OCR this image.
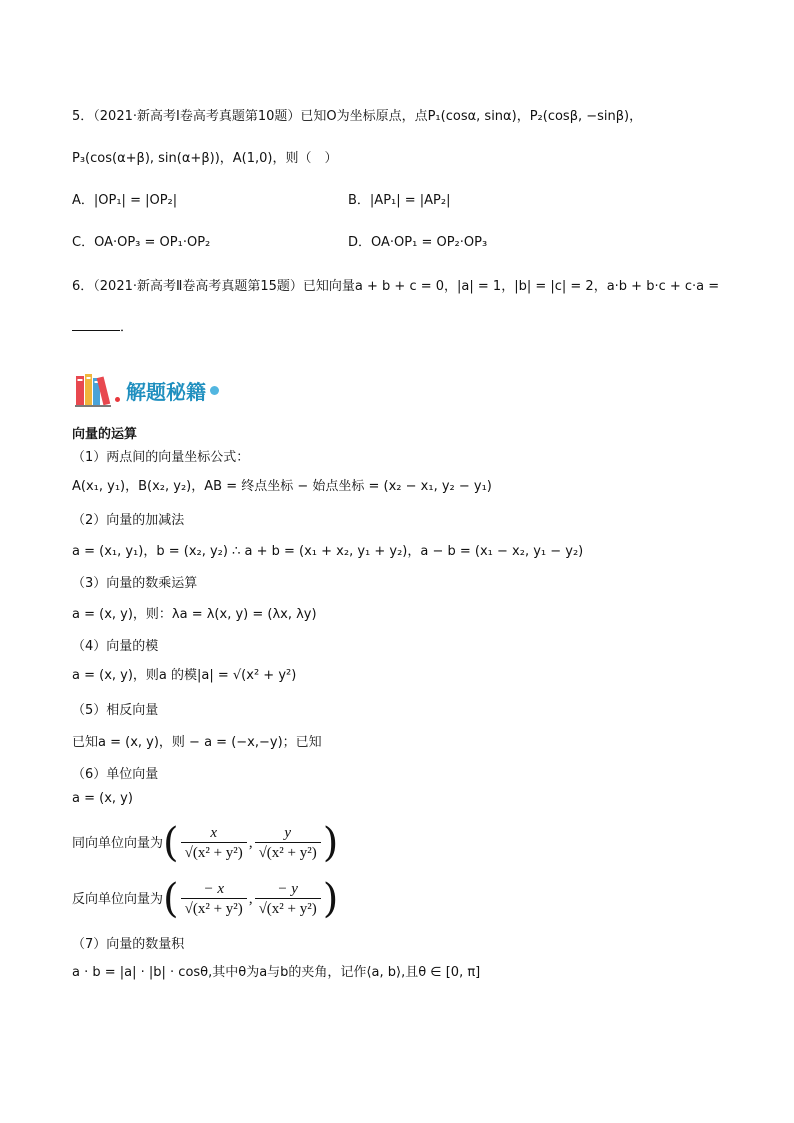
5．（2021·新高考Ⅰ卷高考真题第10题）已知O为坐标原点，点P₁(cosα, sinα)，P₂(cosβ, −sinβ)，
P₃(cos(α+β), sin(α+β))，A(1,0)，则（　）
A．|OP₁| = |OP₂|	B．|AP₁| = |AP₂|
C．OA·OP₃ = OP₁·OP₂	D．OA·OP₁ = OP₂·OP₃
6．（2021·新高考Ⅱ卷高考真题第15题）已知向量a + b + c = 0，|a| = 1，|b| = |c| = 2，a·b + b·c + c·a =
．
解题秘籍
向量的运算
（1）两点间的向量坐标公式：
A(x₁, y₁)，B(x₂, y₂)，AB = 终点坐标 − 始点坐标 = (x₂ − x₁, y₂ − y₁)
（2）向量的加减法
a = (x₁, y₁)，b = (x₂, y₂) ∴ a + b = (x₁ + x₂, y₁ + y₂)，a − b = (x₁ − x₂, y₁ − y₂)
（3）向量的数乘运算
a = (x, y)，则：λa = λ(x, y) = (λx, λy)
（4）向量的模
a = (x, y)，则a 的模|a| = √(x² + y²)
（5）相反向量
已知a = (x, y)，则 − a = (−x,−y)；已知
（6）单位向量
a = (x, y)
同向单位向量为( $\frac{x}{\text{√(x² + y²)}}$ , $\frac{y}{\text{√(x² + y²)}}$ )
反向单位向量为( $\frac{- x}{\text{√(x² + y²)}}$ , $\frac{- y}{\text{√(x² + y²)}}$ )
（7）向量的数量积
a · b = |a| · |b| · cosθ,其中θ为a与b的夹角，记作⟨a, b⟩,且θ ∈ [0, π]
